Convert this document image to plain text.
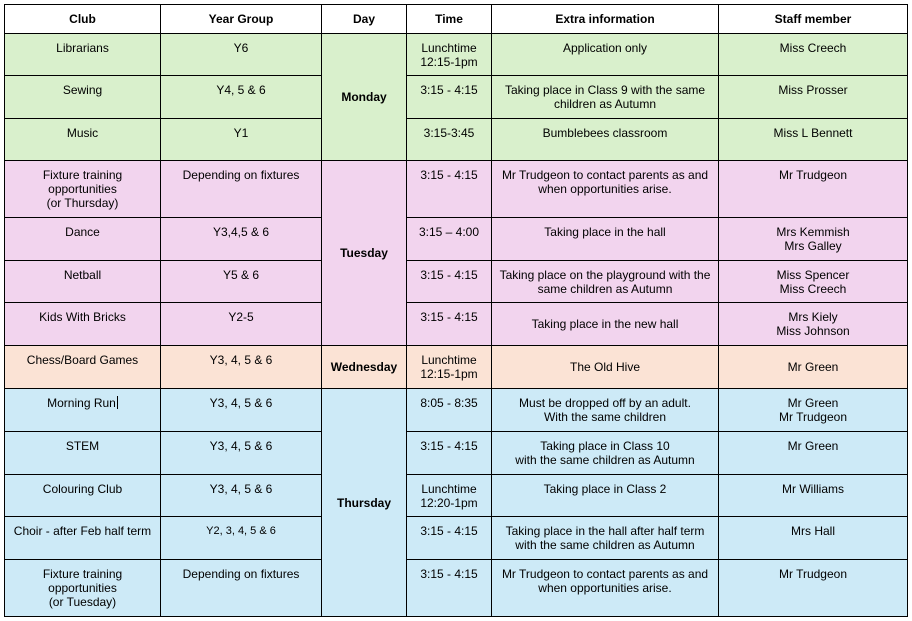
Club	Year Group	Day	Time	Extra information	Staff member

Librarians	Y6	Monday	Lunchtime
12:15-1pm	Application only	Miss Creech

Sewing	Y4, 5 & 6		3:15 - 4:15	Taking place in Class 9 with the same
children as Autumn	Miss Prosser

Music	Y1		3:15-3:45	Bumblebees classroom	Miss L Bennett

Fixture training
opportunities
(or Thursday)	Depending on fixtures	Tuesday	3:15 - 4:15	Mr Trudgeon to contact parents as and
when opportunities arise.	Mr Trudgeon

Dance	Y3,4,5 & 6		3:15 – 4:00	Taking place in the hall	Mrs Kemmish
Mrs Galley

Netball	Y5 & 6		3:15 - 4:15	Taking place on the playground with the
same children as Autumn	Miss Spencer
Miss Creech

Kids With Bricks	Y2-5		3:15 - 4:15	Taking place in the new hall	Mrs Kiely
Miss Johnson

Chess/Board Games	Y3, 4, 5 & 6	Wednesday	Lunchtime
12:15-1pm	The Old Hive	Mr Green

Morning Run	Y3, 4, 5 & 6	Thursday	8:05 - 8:35	Must be dropped off by an adult.
With the same children	Mr Green
Mr Trudgeon

STEM	Y3, 4, 5 & 6		3:15 - 4:15	Taking place in Class 10
with the same children as Autumn	Mr Green

Colouring Club	Y3, 4, 5 & 6		Lunchtime
12:20-1pm	Taking place in Class 2	Mr Williams

Choir - after Feb half term	Y2, 3, 4, 5 & 6		3:15 - 4:15	Taking place in the hall after half term
with the same children as Autumn	Mrs Hall

Fixture training
opportunities
(or Tuesday)	Depending on fixtures		3:15 - 4:15	Mr Trudgeon to contact parents as and
when opportunities arise.	Mr Trudgeon
